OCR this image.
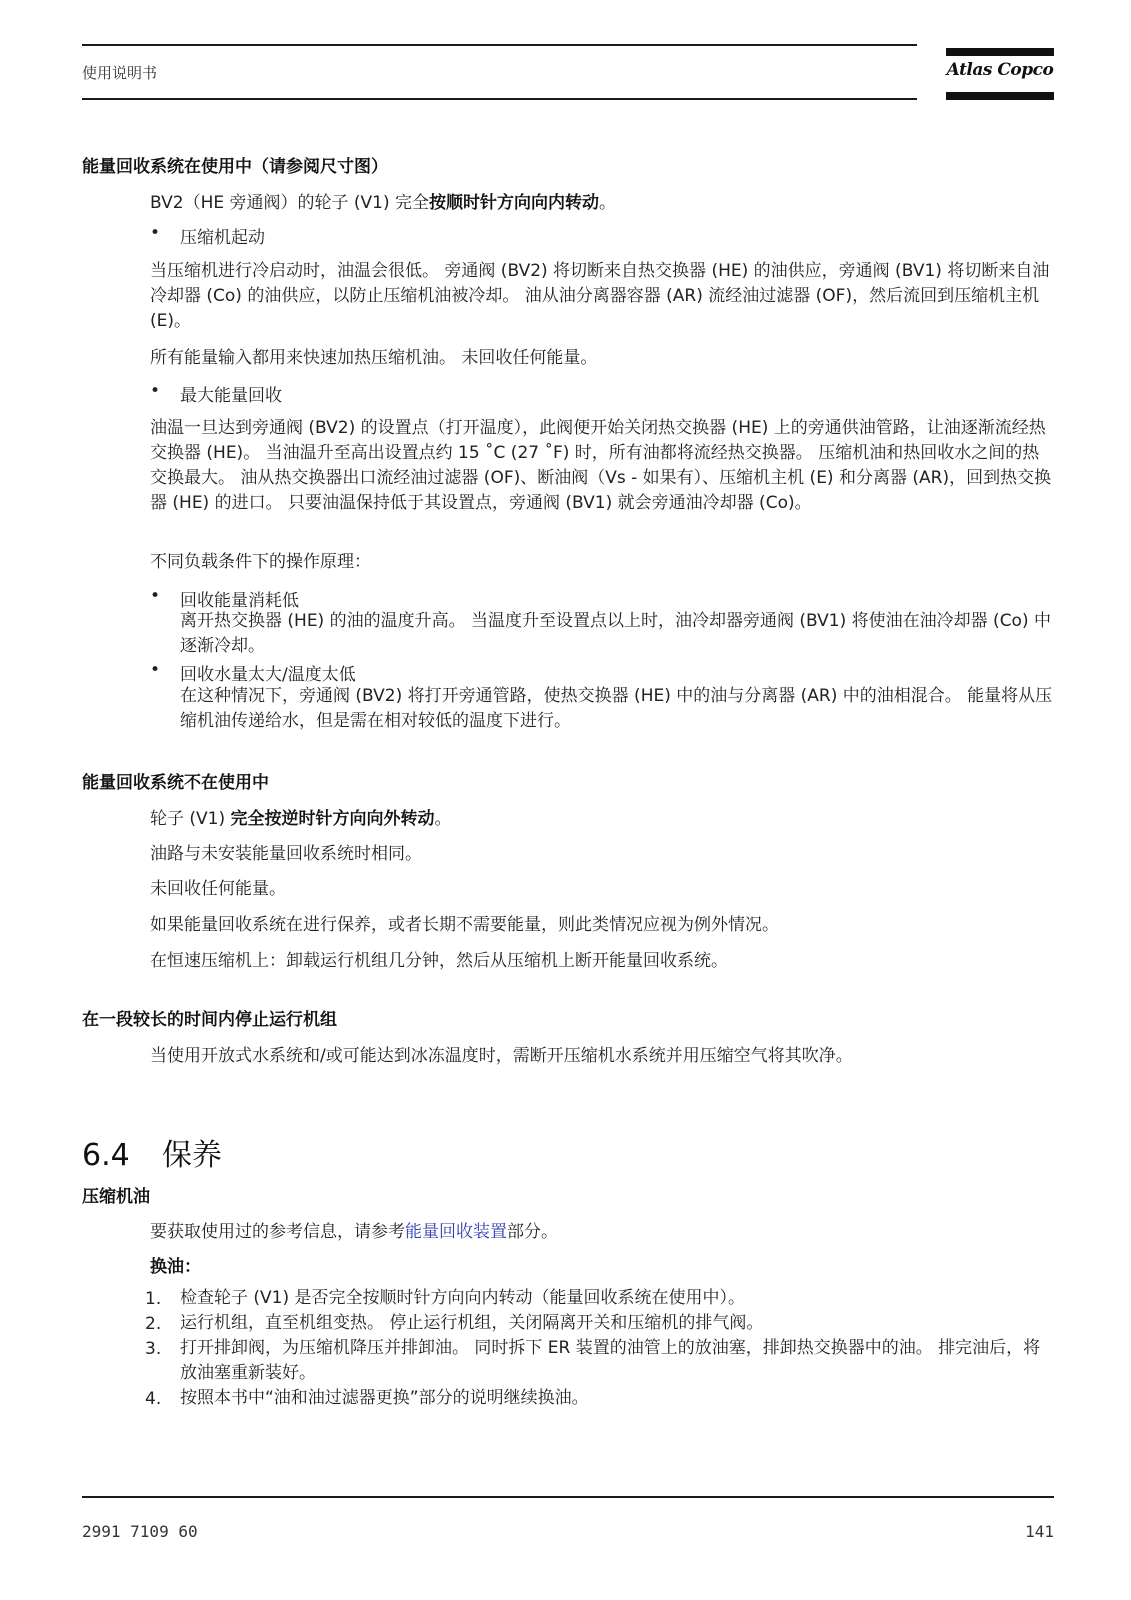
使用说明书	Atlas Copco
能量回收系统在使用中（请参阅尺寸图）
BV2（HE 旁通阀）的轮子 (V1) 完全按顺时针方向向内转动。
• 压缩机起动
当压缩机进行冷启动时，油温会很低。 旁通阀 (BV2) 将切断来自热交换器 (HE) 的油供应，旁通阀 (BV1) 将切断来自油冷却器 (Co) 的油供应，以防止压缩机油被冷却。 油从油分离器容器 (AR) 流经油过滤器 (OF)，然后流回到压缩机主机 (E)。
所有能量输入都用来快速加热压缩机油。 未回收任何能量。
• 最大能量回收
油温一旦达到旁通阀 (BV2) 的设置点（打开温度），此阀便开始关闭热交换器 (HE) 上的旁通供油管路，让油逐渐流经热交换器 (HE)。 当油温升至高出设置点约 15 ˚C (27 ˚F) 时，所有油都将流经热交换器。 压缩机油和热回收水之间的热交换最大。 油从热交换器出口流经油过滤器 (OF)、断油阀（Vs - 如果有）、压缩机主机 (E) 和分离器 (AR)，回到热交换器 (HE) 的进口。 只要油温保持低于其设置点，旁通阀 (BV1) 就会旁通油冷却器 (Co)。
不同负载条件下的操作原理：
• 回收能量消耗低
离开热交换器 (HE) 的油的温度升高。 当温度升至设置点以上时，油冷却器旁通阀 (BV1) 将使油在油冷却器 (Co) 中逐渐冷却。
• 回收水量太大/温度太低
在这种情况下，旁通阀 (BV2) 将打开旁通管路，使热交换器 (HE) 中的油与分离器 (AR) 中的油相混合。 能量将从压缩机油传递给水，但是需在相对较低的温度下进行。
能量回收系统不在使用中
轮子 (V1) 完全按逆时针方向向外转动。
油路与未安装能量回收系统时相同。
未回收任何能量。
如果能量回收系统在进行保养，或者长期不需要能量，则此类情况应视为例外情况。
在恒速压缩机上：卸载运行机组几分钟，然后从压缩机上断开能量回收系统。
在一段较长的时间内停止运行机组
当使用开放式水系统和/或可能达到冰冻温度时，需断开压缩机水系统并用压缩空气将其吹净。
6.4 保养
压缩机油
要获取使用过的参考信息，请参考能量回收装置部分。
换油：
1. 检查轮子 (V1) 是否完全按顺时针方向向内转动（能量回收系统在使用中）。
2. 运行机组，直至机组变热。 停止运行机组，关闭隔离开关和压缩机的排气阀。
3. 打开排卸阀，为压缩机降压并排卸油。 同时拆下 ER 装置的油管上的放油塞，排卸热交换器中的油。 排完油后，将放油塞重新装好。
4. 按照本书中“油和油过滤器更换”部分的说明继续换油。
2991 7109 60	141
